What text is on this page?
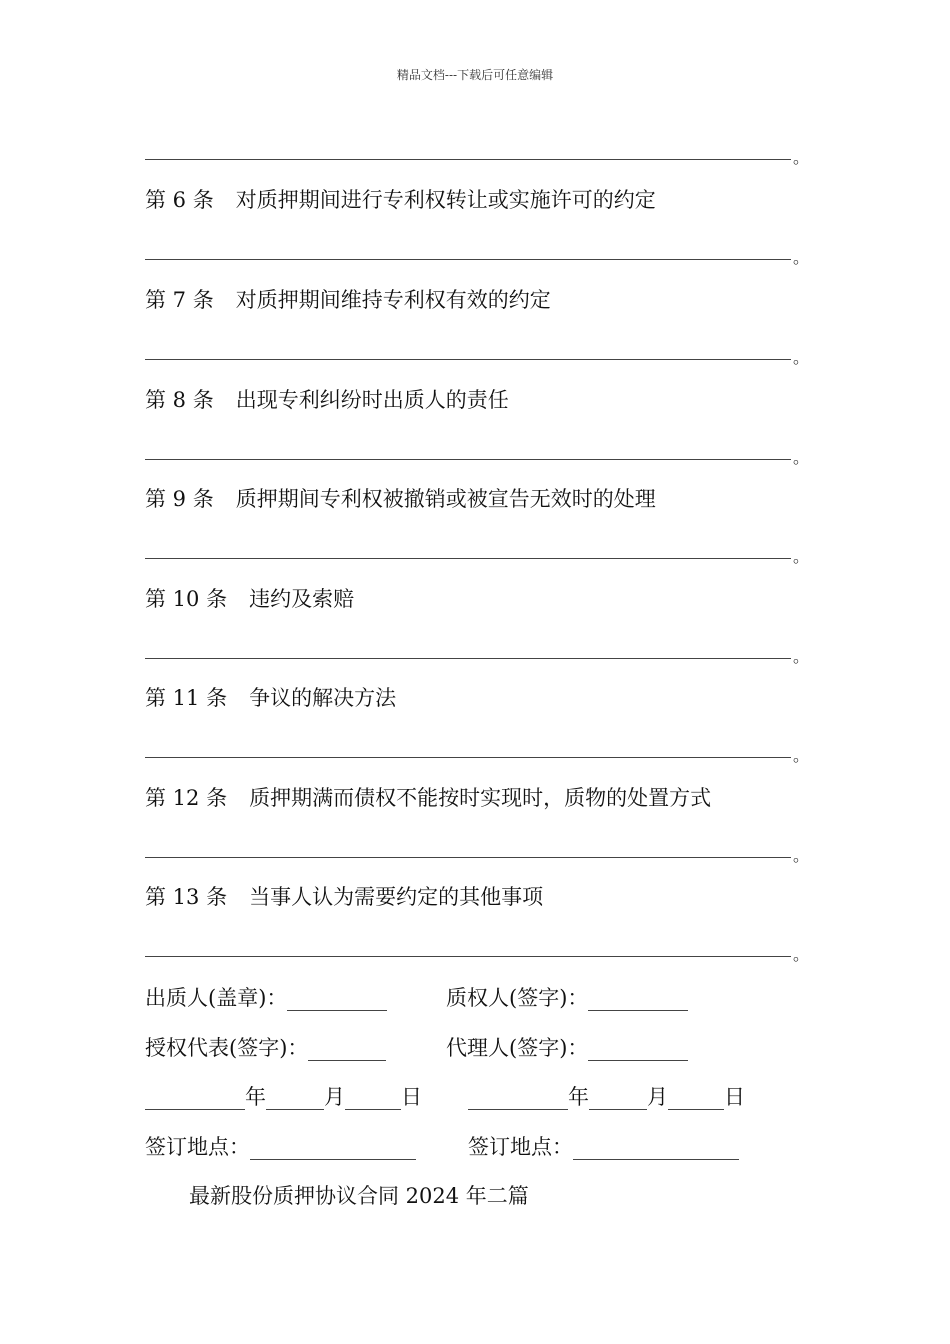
精品文档---下载后可任意编辑
。
第 6 条 对质押期间进行专利权转让或实施许可的约定
。
第 7 条 对质押期间维持专利权有效的约定
。
第 8 条 出现专利纠纷时出质人的责任
。
第 9 条 质押期间专利权被撤销或被宣告无效时的处理
。
第 10 条 违约及索赔
。
第 11 条 争议的解决方法
。
第 12 条 质押期满而债权不能按时实现时，质物的处置方式
。
第 13 条 当事人认为需要约定的其他事项
。
出质人(盖章)：	质权人(签字)：
授权代表(签字)：	代理人(签字)：
年	月	日	年	月	日
签订地点：	签订地点：
最新股份质押协议合同 2024 年二篇
